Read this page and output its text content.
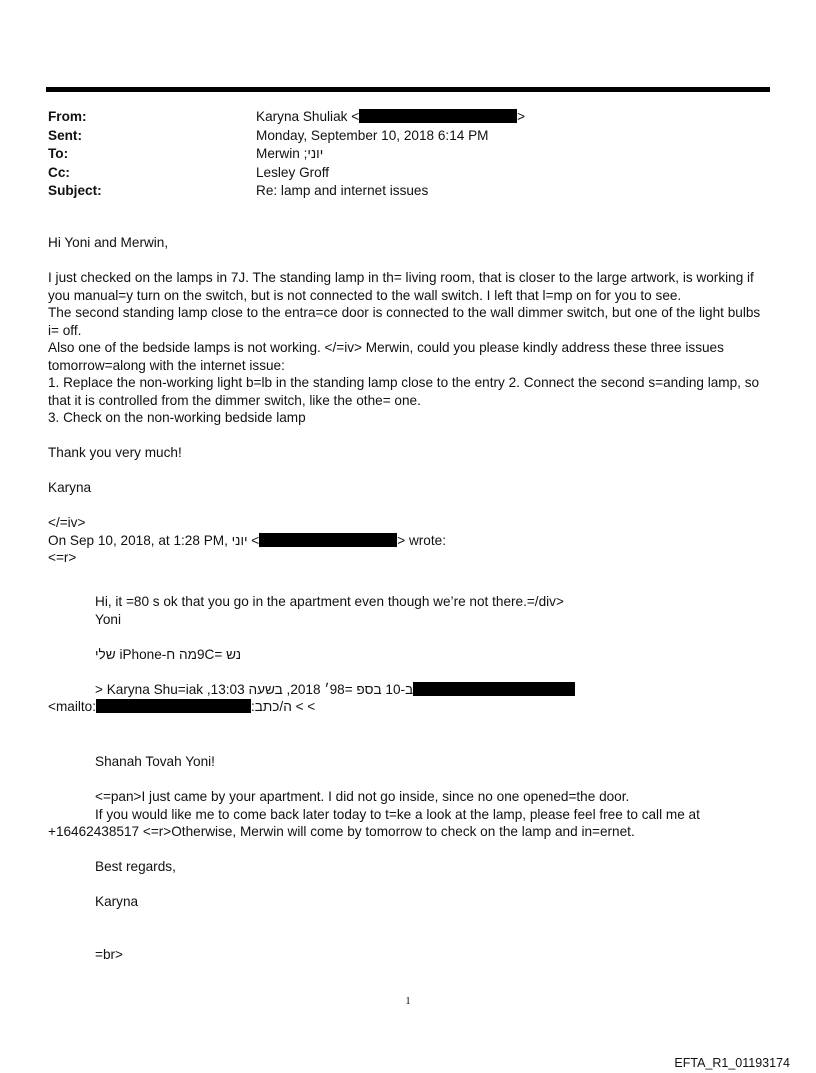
From:	Karyna Shuliak <	>
Sent:	Monday, September 10, 2018 6:14 PM
To:	יוני; Merwin
Cc:	Lesley Groff
Subject:	Re: lamp and internet issues

Hi Yoni and Merwin,

I just checked on the lamps in 7J. The standing lamp in th= living room, that is closer to the large artwork, is working if

you manual=y turn on the switch, but is not connected to the wall switch. I left that l=mp on for you to see.

The second standing lamp close to the entra=ce door is connected to the wall dimmer switch, but one of the light bulbs

i= off.

Also one of the bedside lamps is not working. </=iv> Merwin, could you please kindly address these three issues

tomorrow=along with the internet issue:

1. Replace the non-working light b=lb in the standing lamp close to the entry 2. Connect the second s=anding lamp, so

that it is controlled from the dimmer switch, like the othe= one.

3. Check on the non-working bedside lamp

Thank you very much!

Karyna

</=iv>

On Sep 10, 2018, at 1:28 PM, יוני <	> wrote:

<=r>

Hi, it =80 s ok that you go in the apartment even though we’re not there.=/div>

Yoni

נש =9Cמה ח-iPhone שלי

ב-10 בספ =98׳ 2018, בשעה 13:03, Karyna Shu=iak <

<mailto:	> > ה/כתב:

Shanah Tovah Yoni!

<=pan>I just came by your apartment. I did not go inside, since no one opened=the door.

If you would like me to come back later today to t=ke a look at the lamp, please feel free to call me at

+16462438517 <=r>Otherwise, Merwin will come by tomorrow to check on the lamp and in=ernet.

Best regards,

Karyna

=br>

1
EFTA_R1_01193174
